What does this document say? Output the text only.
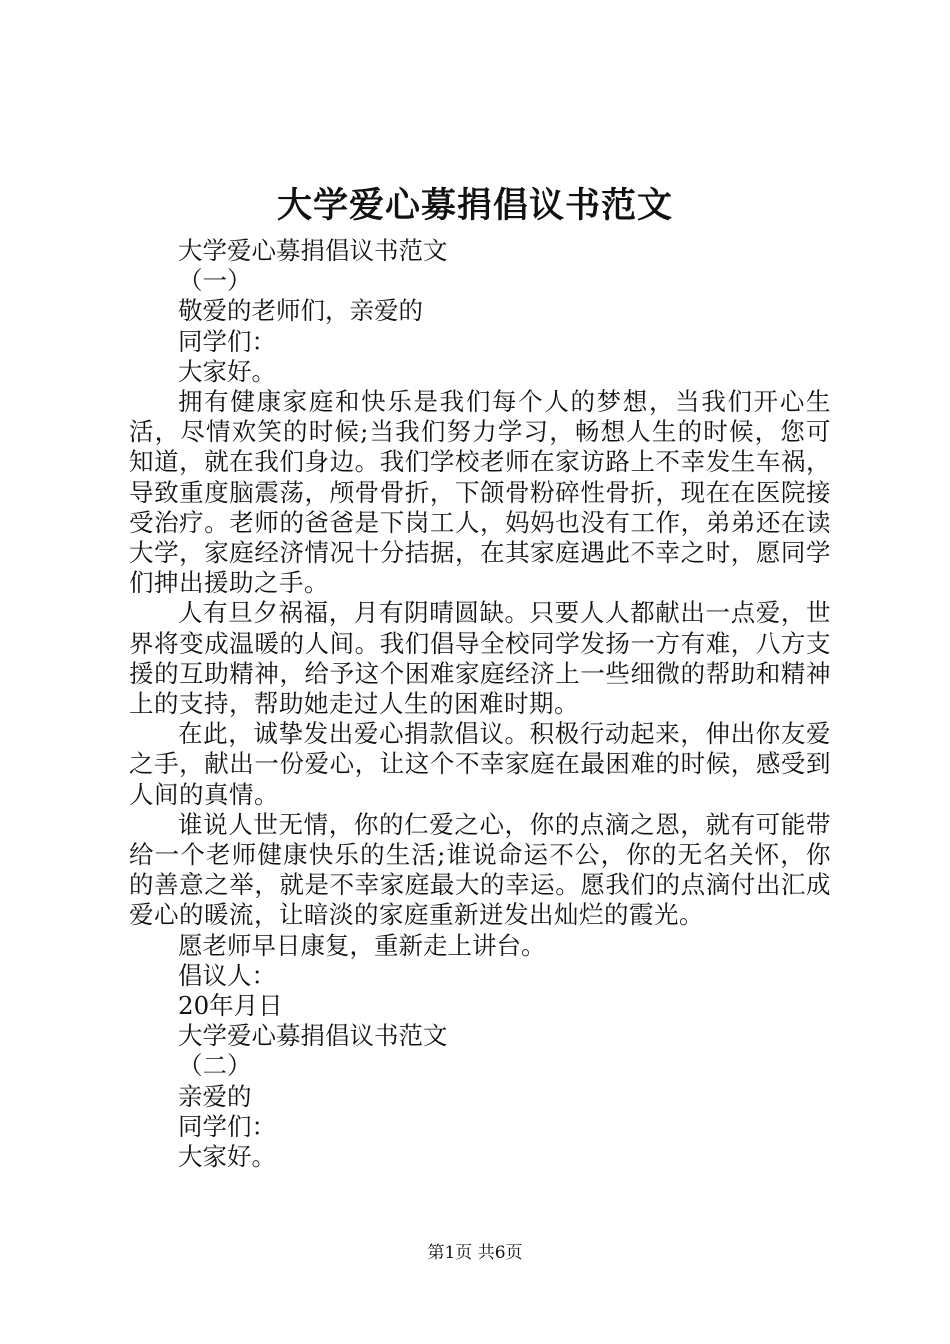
大学爱心募捐倡议书范文
大学爱心募捐倡议书范文
（一）
敬爱的老师们，亲爱的
同学们：
大家好。

拥有健康家庭和快乐是我们每个人的梦想，当我们开心生活，尽情欢笑的时候;当我们努力学习，畅想人生的时候，您可知道，就在我们身边。我们学校老师在家访路上不幸发生车祸，导致重度脑震荡，颅骨骨折，下颌骨粉碎性骨折，现在在医院接受治疗。老师的爸爸是下岗工人，妈妈也没有工作，弟弟还在读大学，家庭经济情况十分拮据，在其家庭遇此不幸之时，愿同学们抻出援助之手。

人有旦夕祸福，月有阴晴圆缺。只要人人都献出一点爱，世界将变成温暖的人间。我们倡导全校同学发扬一方有难，八方支援的互助精神，给予这个困难家庭经济上一些细微的帮助和精神上的支持，帮助她走过人生的困难时期。

在此，诚挚发出爱心捐款倡议。积极行动起来，伸出你友爱之手，献出一份爱心，让这个不幸家庭在最困难的时候，感受到人间的真情。

谁说人世无情，你的仁爱之心，你的点滴之恩，就有可能带给一个老师健康快乐的生活;谁说命运不公，你的无名关怀，你的善意之举，就是不幸家庭最大的幸运。愿我们的点滴付出汇成爱心的暖流，让暗淡的家庭重新迸发出灿烂的霞光。

愿老师早日康复，重新走上讲台。
倡议人：
20年月日
大学爱心募捐倡议书范文
（二）
亲爱的
同学们：
大家好。
第1页 共6页
